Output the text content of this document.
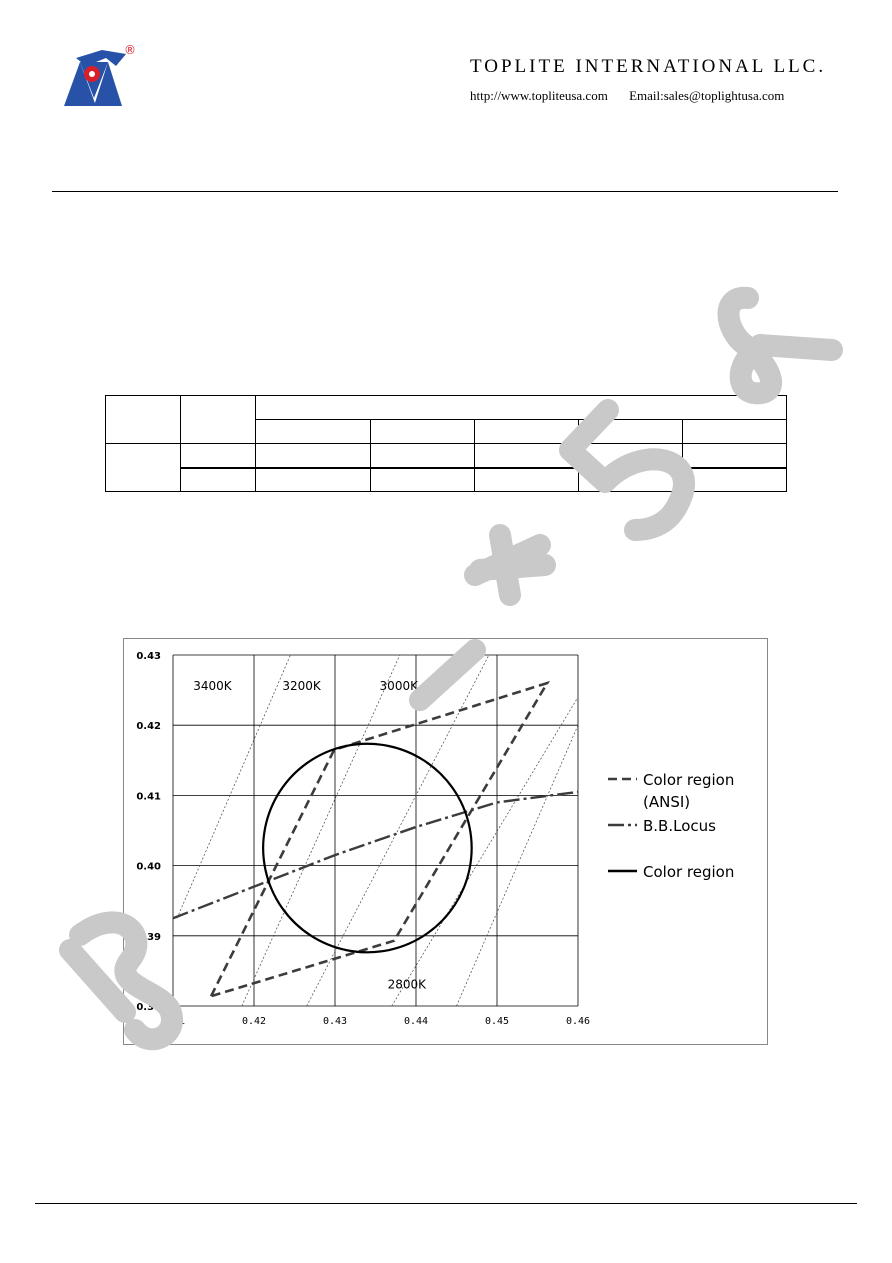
®
TOPLITE INTERNATIONAL LLC.
http://www.topliteusa.com Email:sales@toplightusa.com

0.41	0.42	0.43	0.44	0.45	0.46
0.38
0.39
0.40
0.41
0.42
0.43
3400K	3200K	3000K
2800K
Color region
(ANSI)
B.B.Locus
Color region
